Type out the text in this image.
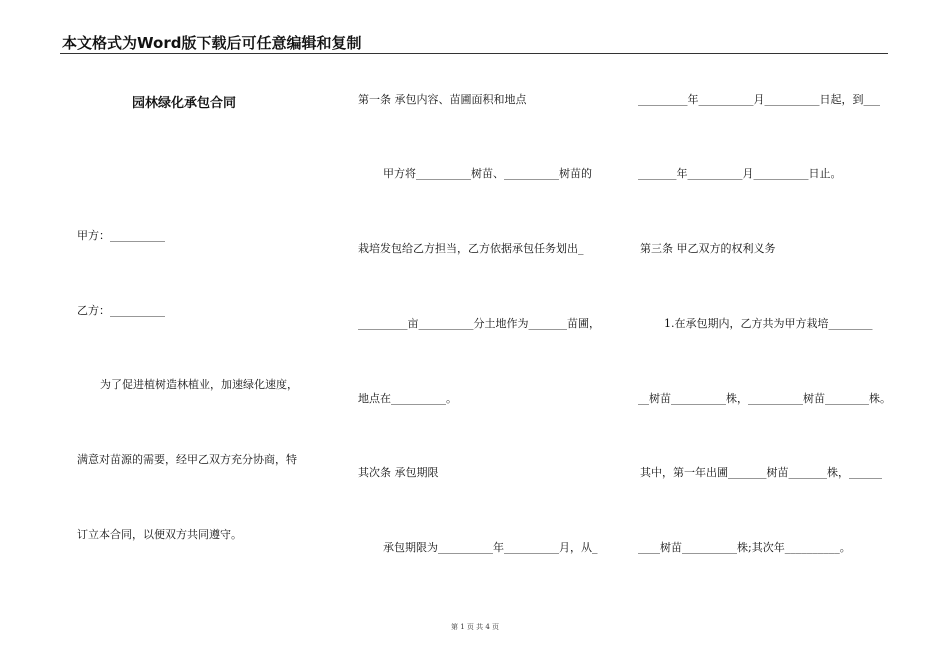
本文格式为Word版下载后可任意编辑和复制
园林绿化承包合同
甲方：__________
乙方：__________
为了促进植树造林植业，加速绿化速度，
满意对苗源的需要，经甲乙双方充分协商，特
订立本合同，以便双方共同遵守。
第一条 承包内容、苗圃面积和地点
甲方将__________树苗、__________树苗的
栽培发包给乙方担当，乙方依据承包任务划出_
_________亩__________分土地作为_______苗圃，
地点在__________。
其次条 承包期限
承包期限为__________年__________月，从_
_________年__________月__________日起，到___
_______年__________月__________日止。
第三条 甲乙双方的权利义务
1.在承包期内，乙方共为甲方栽培________
__树苗__________株，__________树苗________株。
其中，第一年出圃_______树苗_______株，______
____树苗__________株;其次年__________。
第 1 页 共 4 页
